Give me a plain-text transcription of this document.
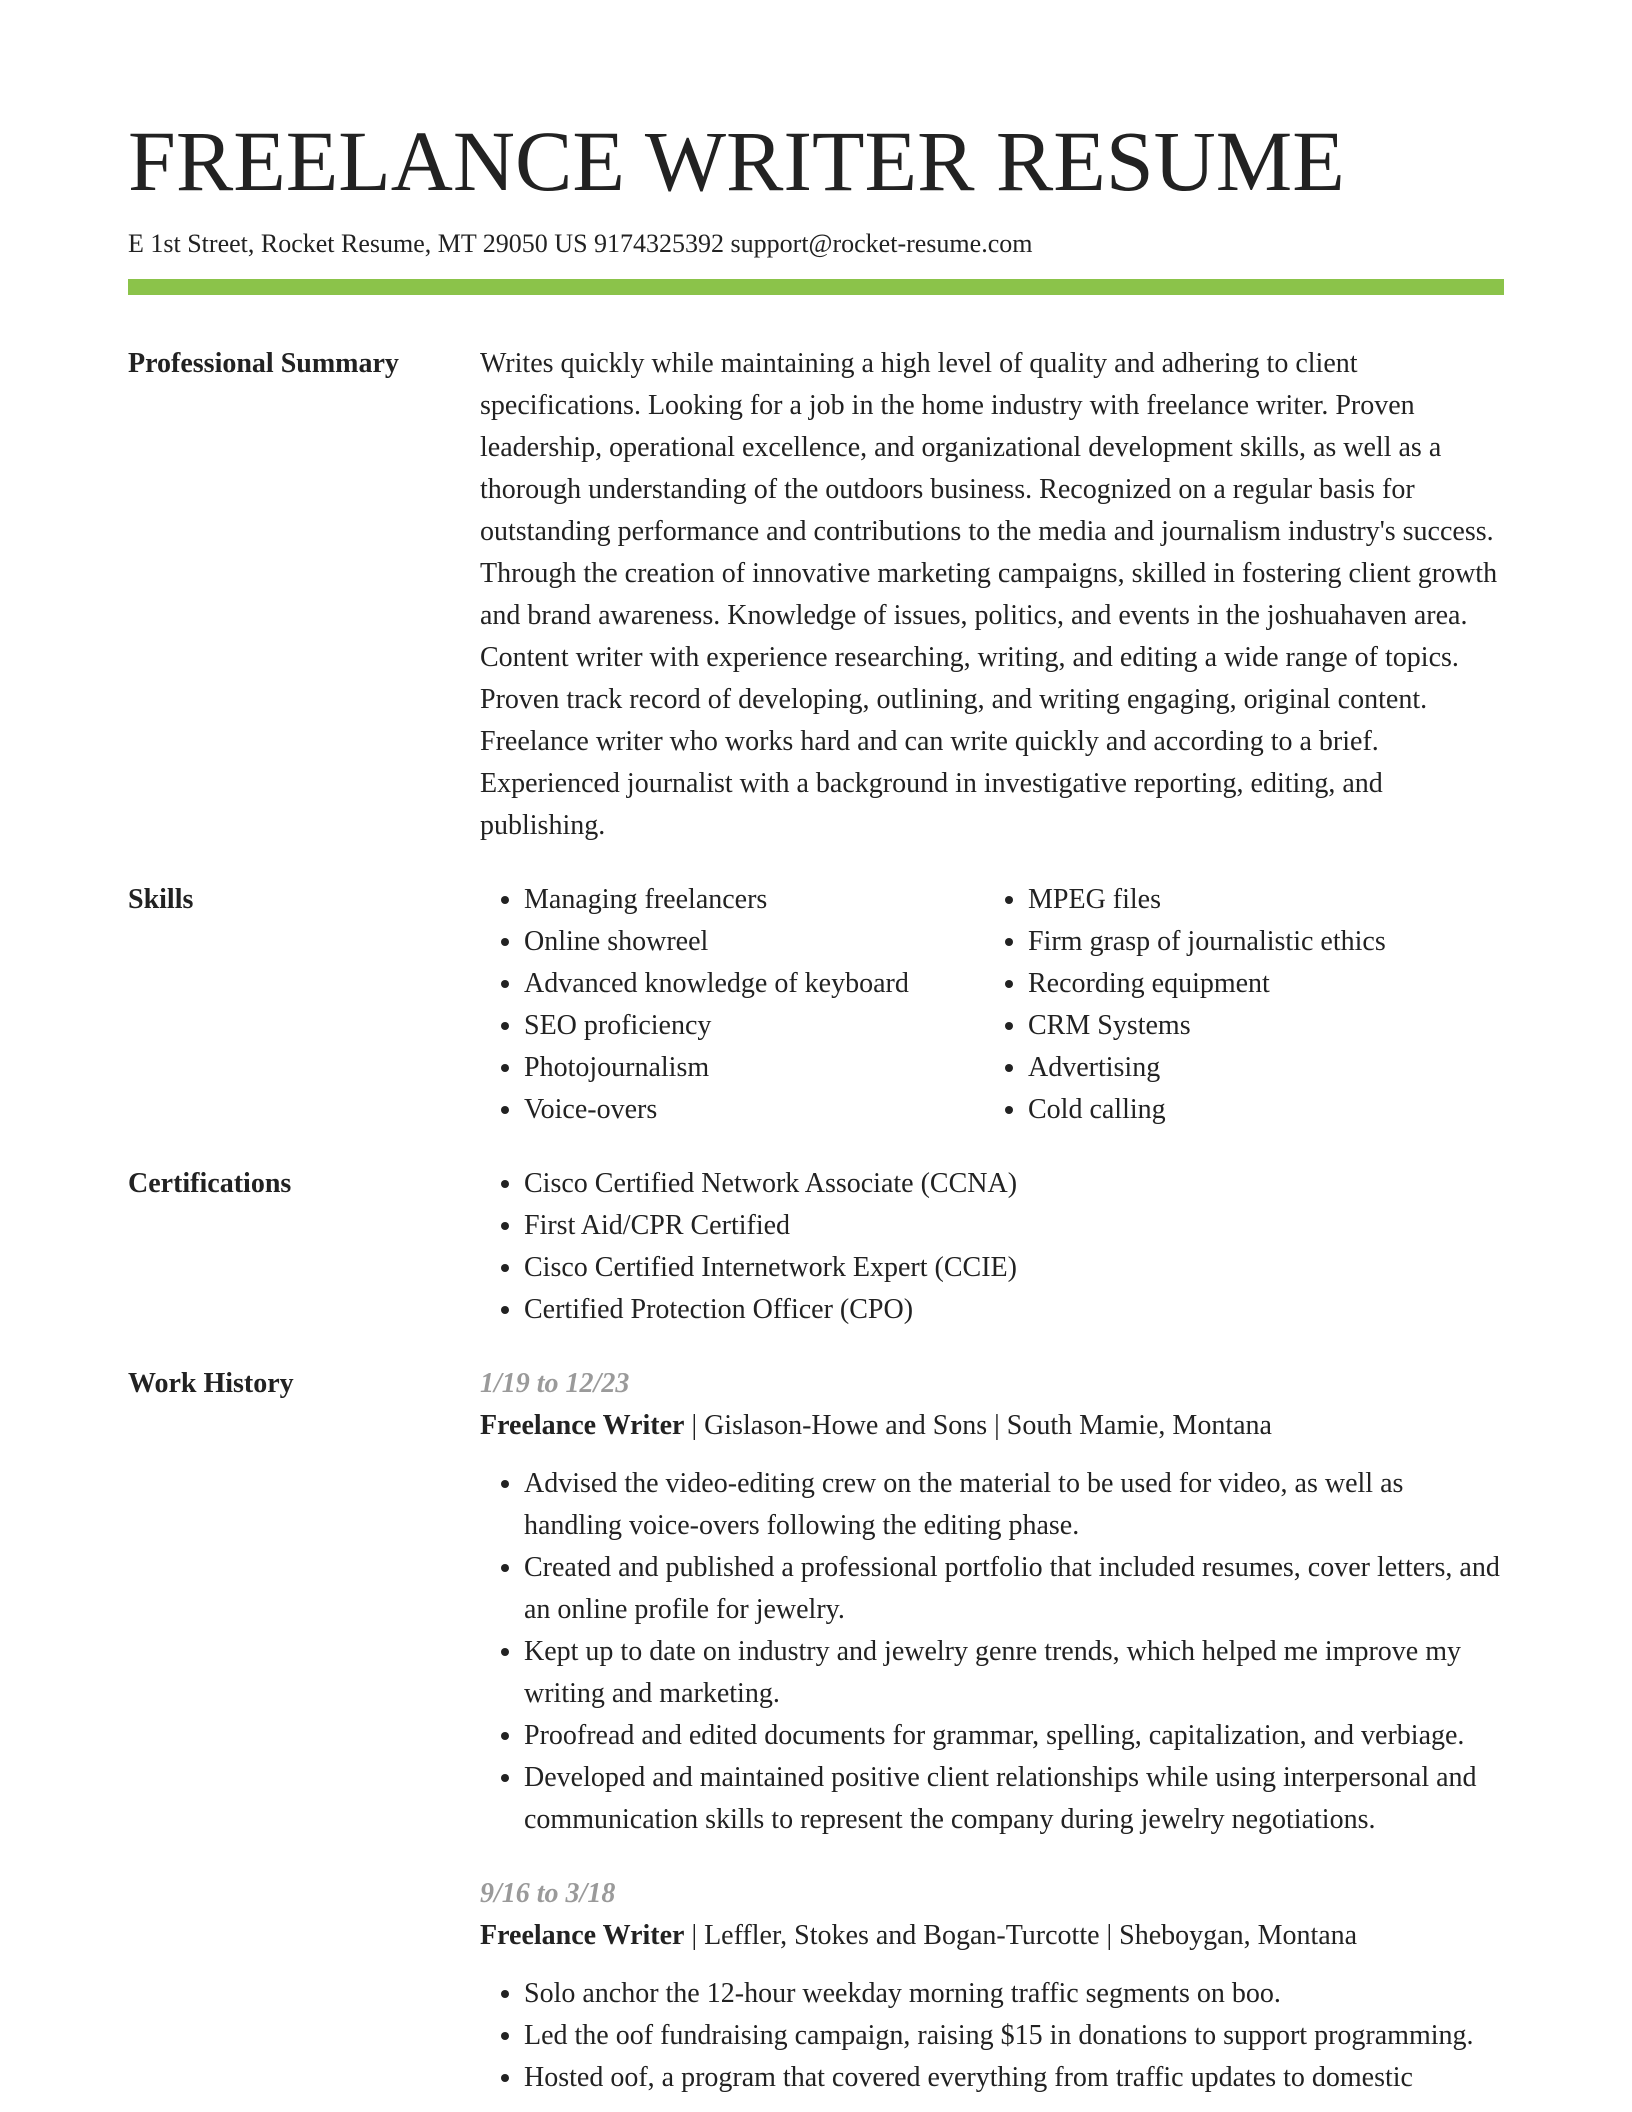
FREELANCE WRITER RESUME
E 1st Street, Rocket Resume, MT 29050 US 9174325392 support@rocket-resume.com
Professional Summary	Writes quickly while maintaining a high level of quality and adhering to client specifications. Looking for a job in the home industry with freelance writer. Proven leadership, operational excellence, and organizational development skills, as well as a thorough understanding of the outdoors business. Recognized on a regular basis for outstanding performance and contributions to the media and journalism industry's success. Through the creation of innovative marketing campaigns, skilled in fostering client growth and brand awareness. Knowledge of issues, politics, and events in the joshuahaven area. Content writer with experience researching, writing, and editing a wide range of topics. Proven track record of developing, outlining, and writing engaging, original content. Freelance writer who works hard and can write quickly and according to a brief. Experienced journalist with a background in investigative reporting, editing, and publishing.

Skills	• Managing freelancers
• Online showreel
• Advanced knowledge of keyboard
• SEO proficiency
• Photojournalism
• Voice-overs
• MPEG files
• Firm grasp of journalistic ethics
• Recording equipment
• CRM Systems
• Advertising
• Cold calling
Certifications	• Cisco Certified Network Associate (CCNA)
• First Aid/CPR Certified
• Cisco Certified Internetwork Expert (CCIE)
• Certified Protection Officer (CPO)
Work History	1/19 to 12/23

Freelance Writer | Gislason-Howe and Sons | South Mamie, Montana

• Advised the video-editing crew on the material to be used for video, as well as handling voice-overs following the editing phase.
• Created and published a professional portfolio that included resumes, cover letters, and an online profile for jewelry.
• Kept up to date on industry and jewelry genre trends, which helped me improve my writing and marketing.
• Proofread and edited documents for grammar, spelling, capitalization, and verbiage.
• Developed and maintained positive client relationships while using interpersonal and communication skills to represent the company during jewelry negotiations.
9/16 to 3/18

Freelance Writer | Leffler, Stokes and Bogan-Turcotte | Sheboygan, Montana

• Solo anchor the 12-hour weekday morning traffic segments on boo.
• Led the oof fundraising campaign, raising $15 in donations to support programming.
• Hosted oof, a program that covered everything from traffic updates to domestic
